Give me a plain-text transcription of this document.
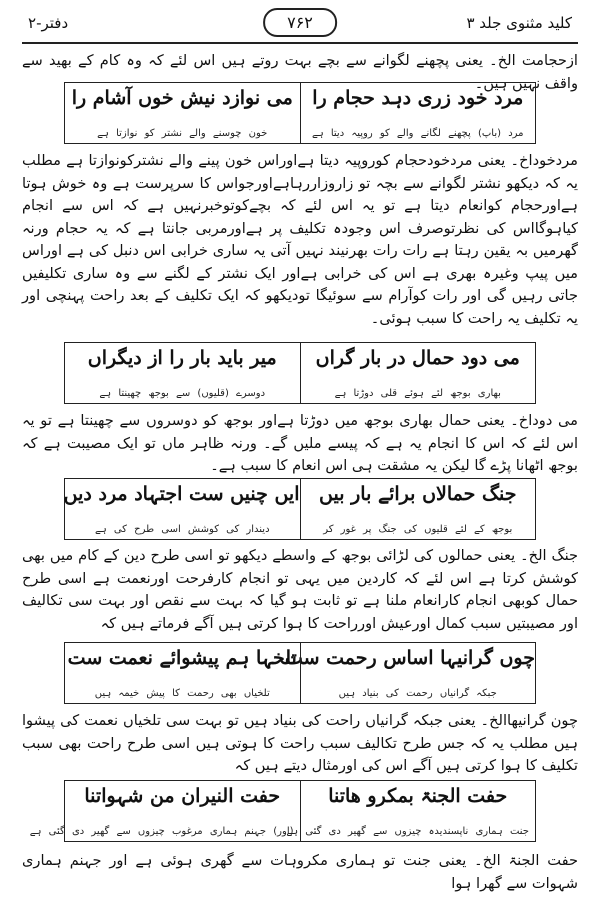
کلید مثنوی جلد ۳
۷۶۲
دفتر-۲

ازحجامت الخ۔ یعنی پچھنے لگوانے سے بچے بہت روتے ہیں اس لئے کہ وہ کام کے بھید سے واقف نہیں ہیں۔

مرد خود زری دہد حجام را
مرد (باپ) پچھنے لگانے والے کو روپیہ دیتا ہے
می نوازد نیش خوں آشام را
خون چوسنے والے نشتر کو نوازتا ہے

مردخوداخ۔ یعنی مردخودحجام کوروپیہ دیتا ہےاوراس خون پینے والے نشترکونوازتا ہے مطلب یہ کہ دیکھو نشتر لگوانے سے بچہ تو زاروزاررہاہےاورجواس کا سرپرست ہے وہ خوش ہوتا ہےاورحجام کوانعام دیتا ہے تو یہ اس لئے کہ بچےکوتوخبرنہیں ہے کہ اس سے انجام کیاہوگااس کی نظرتوصرف اس وجودہ تکلیف پر ہےاورمربی جانتا ہے کہ یہ حجام ورنہ گھرمیں بہ یقین رہتا ہے رات رات بھرنیند نہیں آتی یہ ساری خرابی اس دنبل کی ہے اوراس میں پیپ وغیرہ بھری ہے اس کی خرابی ہےاور ایک نشتر کے لگنے سے وہ ساری تکلیفیں جاتی رہیں گی اور رات کوآرام سے سوئیگا تودیکھو کہ ایک تکلیف کے بعد راحت پہنچی اور یہ تکلیف یہ راحت کا سبب ہوئی۔

می دود حمال در بار گراں
بھاری بوجھ لئے ہوئے قلی دوڑتا ہے
میر باید بار را از دیگراں
دوسرے (قلیوں) سے بوجھ چھینتا ہے

می دوداخ۔ یعنی حمال بھاری بوجھ میں دوڑتا ہےاور بوجھ کو دوسروں سے چھینتا ہے تو یہ اس لئے کہ اس کا انجام یہ ہے کہ پیسے ملیں گے۔ ورنہ ظاہر ماں تو ایک مصیبت ہے کہ بوجھ اٹھانا پڑے گا لیکن یہ مشقت ہی اس انعام کا سبب ہے۔

جنگ حمالاں برائے بار بیں
بوجھ کے لئے قلیوں کی جنگ پر غور کر
ایں چنیں ست اجتہاد مرد دیں
دیندار کی کوشش اسی طرح کی ہے

جنگ الخ۔ یعنی حمالوں کی لڑائی بوجھ کے واسطے دیکھو تو اسی طرح دین کے کام میں بھی کوشش کرتا ہے اس لئے کہ کاردین میں یہی تو انجام کارفرحت اورنعمت ہے اسی طرح حمال کوبھی انجام کارانعام ملنا ہے تو ثابت ہو گیا کہ بہت سے نقص اور بہت سی تکالیف اور مصیبتیں سبب کمال اورعیش اورراحت کا ہوا کرتی ہیں آگے فرماتے ہیں کہ

چوں گرانیہا اساس رحمت ست
جبکہ گرانیاں رحمت کی بنیاد ہیں
تلخہا ہم پیشوائے نعمت ست
تلخیاں بھی رحمت کا پیش خیمہ ہیں

چون گرانیهاالخ۔ یعنی جبکہ گرانیاں راحت کی بنیاد ہیں تو بہت سی تلخیاں نعمت کی پیشوا ہیں مطلب یہ کہ جس طرح تکالیف سبب راحت کا ہوتی ہیں اسی طرح راحت بھی سبب تکلیف کا ہوا کرتی ہیں آگے اس کی اورمثال دیتے ہیں کہ

حفت الجنۃ بمکرو ھاتنا
جنت ہماری ناپسندیدہ چیزوں سے گھیر دی گئی ہے
حفت النیران من شہواتنا
(اور) جہنم ہماری مرغوب چیزوں سے گھیر دی گئی ہے

حفت الجنۃ الخ۔ یعنی جنت تو ہماری مکروہات سے گھری ہوئی ہے اور جہنم ہماری شہوات سے گھرا ہوا
